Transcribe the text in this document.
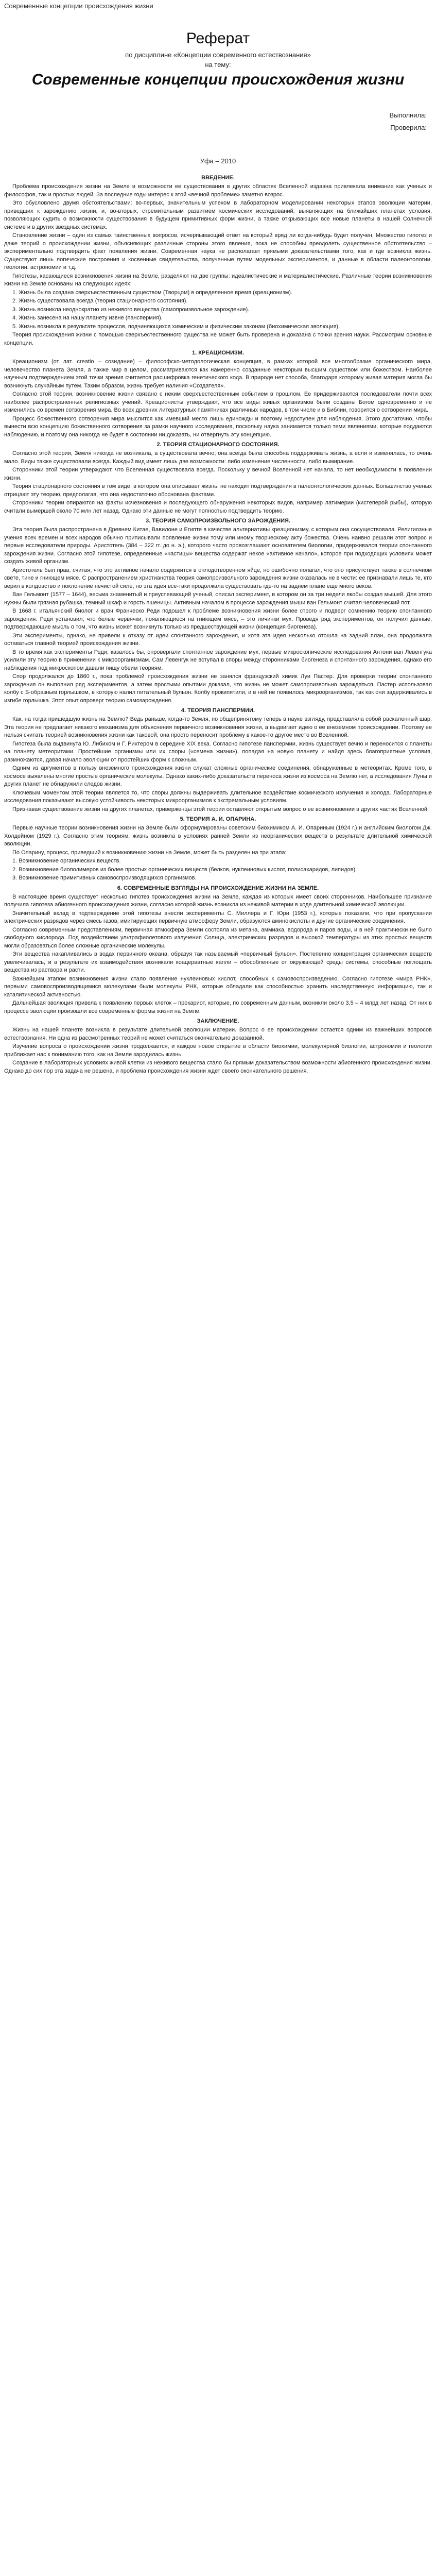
Современные концепции происхождения жизни
Реферат
по дисциплине «Концепции современного естествознания»
на тему:
Современные концепции происхождения жизни
Выполнила:
Проверила:
Уфа – 2010
ВВЕДЕНИЕ.

Проблема происхождения жизни на Земле и возможности ее существования в других областях Вселенной издавна привлекала внимание как ученых и философов, так и простых людей. За последние годы интерес к этой «вечной проблеме» заметно возрос.

Это обусловлено двумя обстоятельствами: во-первых, значительным успехом в лабораторном моделировании некоторых этапов эволюции материи, приведших к зарождению жизни, и, во-вторых, стремительным развитием космических исследований, выявляющих на ближайших планетах условия, позволяющих судить о возможности существования в будущем примитивных форм жизни, а также открывающих все новые планеты в нашей Солнечной системе и в других звездных системах.

Становление жизни – один из самых таинственных вопросов, исчерпывающий ответ на который вряд ли когда-нибудь будет получен. Множество гипотез и даже теорий о происхождении жизни, объясняющих различные стороны этого явления, пока не способны преодолеть существенное обстоятельство – экспериментально подтвердить факт появления жизни. Современная наука не располагает прямыми доказательствами того, как и где возникла жизнь. Существуют лишь логические построения и косвенные свидетельства, полученные путем модельных экспериментов, и данные в области палеонтологии, геологии, астрономии и т.д.

Гипотезы, касающиеся возникновения жизни на Земле, разделяют на две группы: идеалистические и материалистические. Различные теории возникновения жизни на Земле основаны на следующих идеях:

1. Жизнь была создана сверхъестественным существом (Творцом) в определенное время (креационизм).

2. Жизнь существовала всегда (теория стационарного состояния).

3. Жизнь возникла неоднократно из неживого вещества (самопроизвольное зарождение).

4. Жизнь занесена на нашу планету извне (панспермия).

5. Жизнь возникла в результате процессов, подчиняющихся химическим и физическим законам (биохимическая эволюция).

Теория происхождения жизни с помощью сверхъестественного существа не может быть проверена и доказана с точки зрения науки. Рассмотрим основные концепции.

1. КРЕАЦИОНИЗМ.

Креационизм (от лат. creatio – созидание) – философско-методологическая концепция, в рамках которой все многообразие органического мира, человечество планета Земля, а также мир в целом, рассматриваются как намеренно созданные некоторым высшим существом или божеством. Наиболее научным подтверждением этой точки зрения считается расшифровка генетического кода. В природе нет способа, благодаря которому живая материя могла бы возникнуть случайным путем. Таким образом, жизнь требует наличия «Создателя».

Согласно этой теории, возникновение жизни связано с неким сверхъестественным событием в прошлом. Ее придерживаются последователи почти всех наиболее распространенных религиозных учений. Креационисты утверждают, что все виды живых организмов были созданы Богом одновременно и не изменились со времен сотворения мира. Во всех древних литературных памятниках различных народов, в том числе и в Библии, говорится о сотворении мира.

Процесс божественного сотворения мира мыслится как имевший место лишь единожды и поэтому недоступен для наблюдения. Этого достаточно, чтобы вынести всю концепцию божественного сотворения за рамки научного исследования, поскольку наука занимается только теми явлениями, которые поддаются наблюдению, и поэтому она никогда не будет в состоянии ни доказать, ни отвергнуть эту концепцию.

2. ТЕОРИЯ СТАЦИОНАРНОГО СОСТОЯНИЯ.

Согласно этой теории, Земля никогда не возникала, а существовала вечно; она всегда была способна поддерживать жизнь, а если и изменялась, то очень мало. Виды также существовали всегда. Каждый вид имеет лишь две возможности: либо изменение численности, либо вымирание.

Сторонники этой теории утверждают, что Вселенная существовала всегда. Поскольку у вечной Вселенной нет начала, то нет необходимости в появлении жизни.

Теория стационарного состояния в том виде, в котором она описывает жизнь, не находит подтверждения в палеонтологических данных. Большинство ученых отрицают эту теорию, предполагая, что она недостаточно обоснована фактами.

Сторонники теории опираются на факты исчезновения и последующего обнаружения некоторых видов, например латимерии (кистеперой рыбы), которую считали вымершей около 70 млн лет назад. Однако эти данные не могут полностью подтвердить теорию.

3. ТЕОРИЯ САМОПРОИЗВОЛЬНОГО ЗАРОЖДЕНИЯ.

Эта теория была распространена в Древнем Китае, Вавилоне и Египте в качестве альтернативы креационизму, с которым она сосуществовала. Религиозные учения всех времен и всех народов обычно приписывали появление жизни тому или иному творческому акту божества. Очень наивно решали этот вопрос и первые исследователи природы. Аристотель (384 – 322 гг. до н. э.), которого часто провозглашают основателем биологии, придерживался теории спонтанного зарождения жизни. Согласно этой гипотезе, определенные «частицы» вещества содержат некое «активное начало», которое при подходящих условиях может создать живой организм.

Аристотель был прав, считая, что это активное начало содержится в оплодотворенном яйце, но ошибочно полагал, что оно присутствует также в солнечном свете, тине и гниющем мясе. С распространением христианства теория самопроизвольного зарождения жизни оказалась не в чести: ее признавали лишь те, кто верил в колдовство и поклонение нечистой силе, но эта идея все-таки продолжала существовать где-то на заднем плане еще много веков.

Ван Гельмонт (1577 – 1644), весьма знаменитый и преуспевающий ученый, описал эксперимент, в котором он за три недели якобы создал мышей. Для этого нужны были грязная рубашка, темный шкаф и горсть пшеницы. Активным началом в процессе зарождения мыши ван Гельмонт считал человеческий пот.

В 1668 г. итальянский биолог и врач Франческо Реди подошел к проблеме возникновения жизни более строго и подверг сомнению теорию спонтанного зарождения. Реди установил, что белые червячки, появляющиеся на гниющем мясе, – это личинки мух. Проведя ряд экспериментов, он получил данные, подтверждающие мысль о том, что жизнь может возникнуть только из предшествующей жизни (концепция биогенеза).

Эти эксперименты, однако, не привели к отказу от идеи спонтанного зарождения, и хотя эта идея несколько отошла на задний план, она продолжала оставаться главной теорией происхождения жизни.

В то время как эксперименты Реди, казалось бы, опровергали спонтанное зарождение мух, первые микроскопические исследования Антони ван Левенгука усилили эту теорию в применении к микроорганизмам. Сам Левенгук не вступал в споры между сторонниками биогенеза и спонтанного зарождения, однако его наблюдения под микроскопом давали пищу обеим теориям.

Спор продолжался до 1860 г., пока проблемой происхождения жизни не занялся французский химик Луи Пастер. Для проверки теории спонтанного зарождения он выполнил ряд экспериментов, а затем простыми опытами доказал, что жизнь не может самопроизвольно зарождаться. Пастер использовал колбу с S-образным горлышком, в которую налил питательный бульон. Колбу прокипятили, и в ней не появилось микроорганизмов, так как они задерживались в изгибе горлышка. Этот опыт опроверг теорию самозарождения.

4. ТЕОРИЯ ПАНСПЕРМИИ.

Как, на тогда пришедшую жизнь на Землю? Ведь раньше, когда-то Земля, по общепринятому теперь в науке взгляду, представляла собой раскаленный шар. Эта теория не предлагает никакого механизма для объяснения первичного возникновения жизни, а выдвигает идею о ее внеземном происхождении. Поэтому ее нельзя считать теорией возникновения жизни как таковой; она просто переносит проблему в какое-то другое место во Вселенной.

Гипотеза была выдвинута Ю. Либихом и Г. Рихтером в середине XIX века. Согласно гипотезе панспермии, жизнь существует вечно и переносится с планеты на планету метеоритами. Простейшие организмы или их споры («семена жизни»), попадая на новую планету и найдя здесь благоприятные условия, размножаются, давая начало эволюции от простейших форм к сложным.

Одним из аргументов в пользу внеземного происхождения жизни служат сложные органические соединения, обнаруженные в метеоритах. Кроме того, в космосе выявлены многие простые органические молекулы. Однако каких-либо доказательств переноса жизни из космоса на Землю нет, а исследования Луны и других планет не обнаружили следов жизни.

Ключевым моментом этой теории является то, что споры должны выдерживать длительное воздействие космического излучения и холода. Лабораторные исследования показывают высокую устойчивость некоторых микроорганизмов к экстремальным условиям.

Признавая существование жизни на других планетах, приверженцы этой теории оставляют открытым вопрос о ее возникновении в других частях Вселенной.

5. ТЕОРИЯ А. И. ОПАРИНА.

Первые научные теории возникновения жизни на Земле были сформулированы советским биохимиком А. И. Опариным (1924 г.) и английским биологом Дж. Холдейном (1929 г.). Согласно этим теориям, жизнь возникла в условиях ранней Земли из неорганических веществ в результате длительной химической эволюции.

По Опарину, процесс, приведший к возникновению жизни на Земле, может быть разделен на три этапа:

1. Возникновение органических веществ.

2. Возникновение биополимеров из более простых органических веществ (белков, нуклеиновых кислот, полисахаридов, липидов).

3. Возникновение примитивных самовоспроизводящихся организмов.

6. СОВРЕМЕННЫЕ ВЗГЛЯДЫ НА ПРОИСХОЖДЕНИЕ ЖИЗНИ НА ЗЕМЛЕ.

В настоящее время существует несколько гипотез происхождения жизни на Земле, каждая из которых имеет своих сторонников. Наибольшее признание получила гипотеза абиогенного происхождения жизни, согласно которой жизнь возникла из неживой материи в ходе длительной химической эволюции.

Значительный вклад в подтверждение этой гипотезы внесли эксперименты С. Миллера и Г. Юри (1953 г.), которые показали, что при пропускании электрических разрядов через смесь газов, имитирующих первичную атмосферу Земли, образуются аминокислоты и другие органические соединения.

Согласно современным представлениям, первичная атмосфера Земли состояла из метана, аммиака, водорода и паров воды, и в ней практически не было свободного кислорода. Под воздействием ультрафиолетового излучения Солнца, электрических разрядов и высокой температуры из этих простых веществ могли образоваться более сложные органические молекулы.

Эти вещества накапливались в водах первичного океана, образуя так называемый «первичный бульон». Постепенно концентрация органических веществ увеличивалась, и в результате их взаимодействия возникали коацерватные капли – обособленные от окружающей среды системы, способные поглощать вещества из раствора и расти.

Важнейшим этапом возникновения жизни стало появление нуклеиновых кислот, способных к самовоспроизведению. Согласно гипотезе «мира РНК», первыми самовоспроизводящимися молекулами были молекулы РНК, которые обладали как способностью хранить наследственную информацию, так и каталитической активностью.

Дальнейшая эволюция привела к появлению первых клеток – прокариот, которые, по современным данным, возникли около 3,5 – 4 млрд лет назад. От них в процессе эволюции произошли все современные формы жизни на Земле.

ЗАКЛЮЧЕНИЕ.

Жизнь на нашей планете возникла в результате длительной эволюции материи. Вопрос о ее происхождении остается одним из важнейших вопросов естествознания. Ни одна из рассмотренных теорий не может считаться окончательно доказанной.

Изучение вопроса о происхождении жизни продолжается, и каждое новое открытие в области биохимии, молекулярной биологии, астрономии и геологии приближает нас к пониманию того, как на Земле зародилась жизнь.

Создание в лабораторных условиях живой клетки из неживого вещества стало бы прямым доказательством возможности абиогенного происхождения жизни. Однако до сих пор эта задача не решена, и проблема происхождения жизни ждет своего окончательного решения.
